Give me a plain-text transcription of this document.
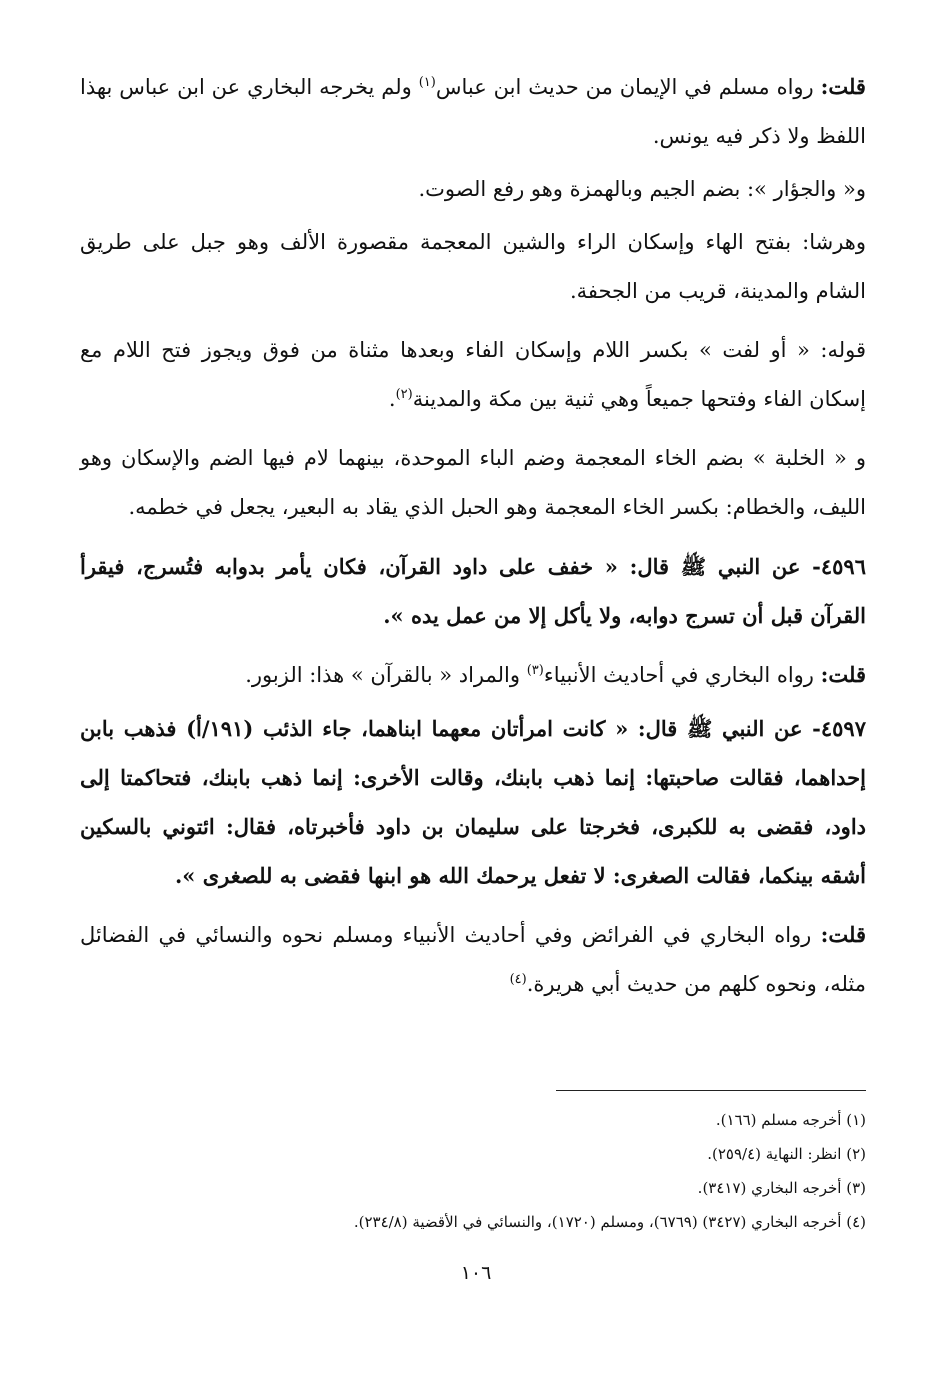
قلت: رواه مسلم في الإيمان من حديث ابن عباس$^{(١)}$ ولم يخرجه البخاري عن ابن عباس بهذا اللفظ ولا ذكر فيه يونس.

و« والجؤار »: بضم الجيم وبالهمزة وهو رفع الصوت.

وهرشا: بفتح الهاء وإسكان الراء والشين المعجمة مقصورة الألف وهو جبل على طريق الشام والمدينة، قريب من الجحفة.

قوله: « أو لفت » بكسر اللام وإسكان الفاء وبعدها مثناة من فوق ويجوز فتح اللام مع إسكان الفاء وفتحها جميعاً وهي ثنية بين مكة والمدينة$^{(٢)}$.

و « الخلبة » بضم الخاء المعجمة وضم الباء الموحدة، بينهما لام فيها الضم والإسكان وهو الليف، والخطام: بكسر الخاء المعجمة وهو الحبل الذي يقاد به البعير، يجعل في خطمه.

٤٥٩٦- عن النبي ﷺ قال: « خفف على داود القرآن، فكان يأمر بدوابه فتُسرج، فيقرأ القرآن قبل أن تسرج دوابه، ولا يأكل إلا من عمل يده ».

قلت: رواه البخاري في أحاديث الأنبياء$^{(٣)}$ والمراد « بالقرآن » هذا: الزبور.

٤٥٩٧- عن النبي ﷺ قال: « كانت امرأتان معهما ابناهما، جاء الذئب (١٩١/أ) فذهب بابن إحداهما، فقالت صاحبتها: إنما ذهب بابنك، وقالت الأخرى: إنما ذهب بابنك، فتحاكمتا إلى داود، فقضى به للكبرى، فخرجتا على سليمان بن داود فأخبرتاه، فقال: ائتوني بالسكين أشقه بينكما، فقالت الصغرى: لا تفعل يرحمك الله هو ابنها فقضى به للصغرى ».

قلت: رواه البخاري في الفرائض وفي أحاديث الأنبياء ومسلم نحوه والنسائي في الفضائل مثله، ونحوه كلهم من حديث أبي هريرة.$^{(٤)}$

(١) أخرجه مسلم (١٦٦).
(٢) انظر: النهاية (٢٥٩/٤).
(٣) أخرجه البخاري (٣٤١٧).
(٤) أخرجه البخاري (٣٤٢٧) (٦٧٦٩)، ومسلم (١٧٢٠)، والنسائي في الأقضية (٢٣٤/٨).
١٠٦
